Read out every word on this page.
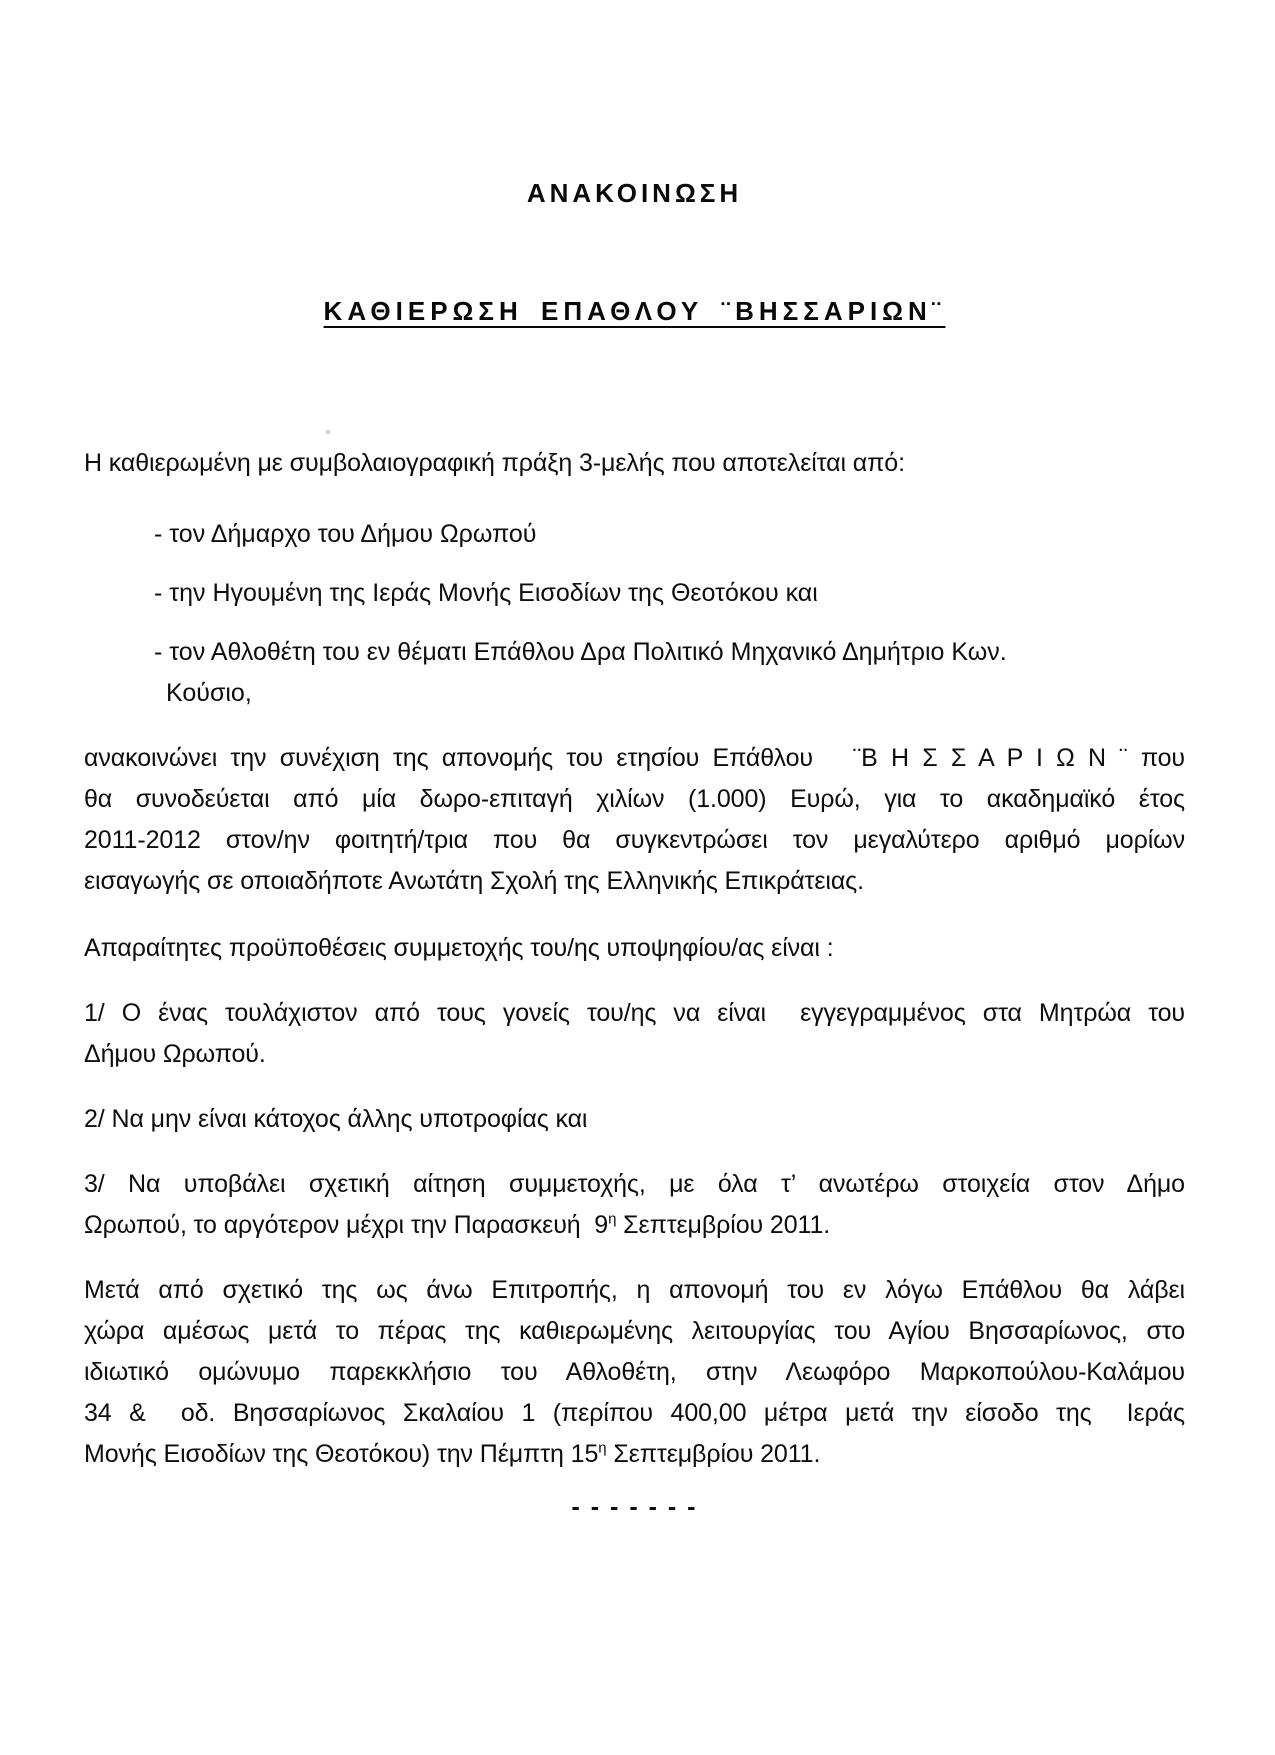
ΑΝΑΚΟΙΝΩΣΗ
ΚΑΘΙΕΡΩΣΗ ΕΠΑΘΛΟΥ ¨ΒΗΣΣΑΡΙΩΝ¨

Η καθιερωμένη με συμβολαιογραφική πράξη 3-μελής που αποτελείται από:

- τον Δήμαρχο του Δήμου Ωρωπού
- την Ηγουμένη της Ιεράς Μονής Εισοδίων της Θεοτόκου και
- τον Αθλοθέτη του εν θέματι Επάθλου Δρα Πολιτικό Μηχανικό Δημήτριο Κων.
Κούσιο,
ανακοινώνει την συνέχιση της απονομής του ετησίου Επάθλου   ¨Β Η Σ Σ Α Ρ Ι Ω Ν ¨ που
θα συνοδεύεται από μία δωρο-επιταγή χιλίων (1.000) Ευρώ, για το ακαδημαϊκό έτος
2011-2012 στον/ην φοιτητή/τρια που θα συγκεντρώσει τον μεγαλύτερο αριθμό μορίων
εισαγωγής σε οποιαδήποτε Ανωτάτη Σχολή της Ελληνικής Επικράτειας.

Απαραίτητες προϋποθέσεις συμμετοχής του/ης υποψηφίου/ας είναι :

1/ Ο ένας τουλάχιστον από τους γονείς του/ης να είναι  εγγεγραμμένος στα Μητρώα του
Δήμου Ωρωπού.

2/ Να μην είναι κάτοχος άλλης υποτροφίας και

3/ Να υποβάλει σχετική αίτηση συμμετοχής, με όλα τ’ ανωτέρω στοιχεία στον Δήμο
Ωρωπού, το αργότερον μέχρι την Παρασκευή  $9^\eta$ Σεπτεμβρίου 2011.
Μετά από σχετικό της ως άνω Επιτροπής, η απονομή του εν λόγω Επάθλου θα λάβει
χώρα αμέσως μετά το πέρας της καθιερωμένης λειτουργίας του Αγίου Βησσαρίωνος, στο
ιδιωτικό ομώνυμο παρεκκλήσιο του Αθλοθέτη, στην Λεωφόρο Μαρκοπούλου-Καλάμου
34 &  οδ. Βησσαρίωνος Σκαλαίου 1 (περίπου 400,00 μέτρα μετά την είσοδο της  Ιεράς
Μονής Εισοδίων της Θεοτόκου) την Πέμπτη $15^\eta$ Σεπτεμβρίου 2011.
- - - - - - -
